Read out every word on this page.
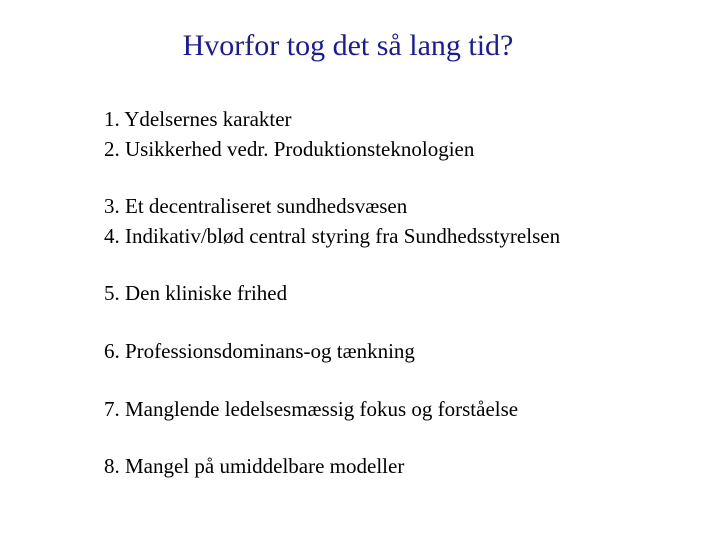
Hvorfor tog det så lang tid?
1. Ydelsernes karakter
2. Usikkerhed vedr. Produktionsteknologien
3. Et decentraliseret sundhedsvæsen
4. Indikativ/blød central styring fra Sundhedsstyrelsen
5. Den kliniske frihed
6. Professionsdominans-og tænkning
7. Manglende ledelsesmæssig fokus og forståelse
8. Mangel på umiddelbare modeller
